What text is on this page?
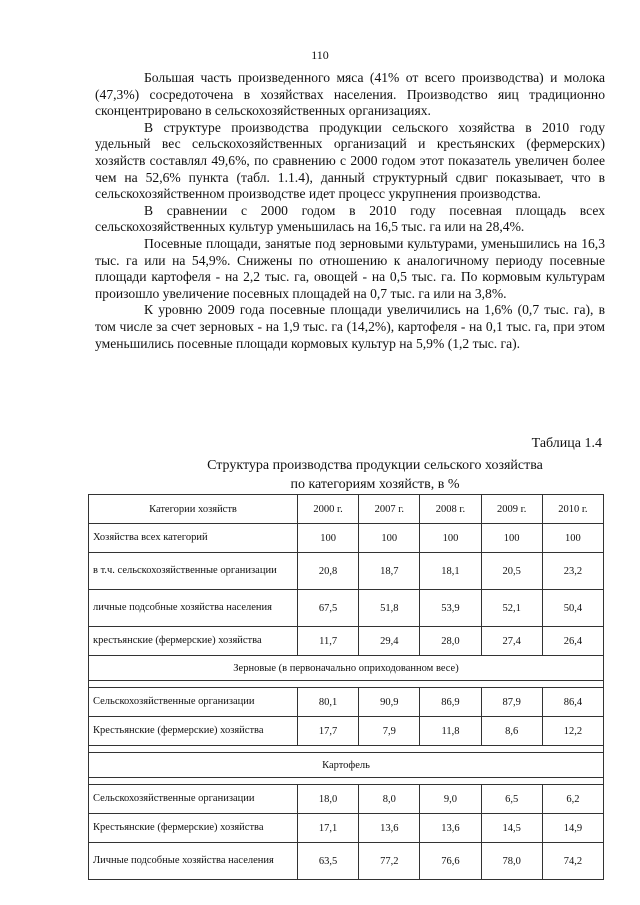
110

Большая часть произведенного мяса (41% от всего производства) и молока (47,3%) сосредоточена в хозяйствах населения. Производство яиц традиционно сконцентрировано в сельскохозяйственных организациях.

В структуре производства продукции сельского хозяйства в 2010 году удельный вес сельскохозяйственных организаций и крестьянских (фермерских) хозяйств составлял 49,6%, по сравнению с 2000 годом этот показатель увеличен более чем на 52,6% пункта (табл. 1.1.4), данный структурный сдвиг показывает, что в сельскохозяйственном производстве идет процесс укрупнения производства.

В сравнении с 2000 годом в 2010 году посевная площадь всех сельскохозяйственных культур уменьшилась на 16,5 тыс. га или на 28,4%.

Посевные площади, занятые под зерновыми культурами, уменьшились на 16,3 тыс. га или на 54,9%. Снижены по отношению к аналогичному периоду посевные площади картофеля - на 2,2 тыс. га, овощей - на 0,5 тыс. га. По кормовым культурам произошло увеличение посевных площадей на 0,7 тыс. га или на 3,8%.

К уровню 2009 года посевные площади увеличились на 1,6% (0,7 тыс. га), в том числе за счет зерновых - на 1,9 тыс. га (14,2%), картофеля - на 0,1 тыс. га, при этом уменьшились посевные площади кормовых культур на 5,9% (1,2 тыс. га).

Таблица 1.4
Структура производства продукции сельского хозяйства
по категориям хозяйств, в %
Категории хозяйств	2000 г.	2007 г.	2008 г.	2009 г.	2010 г.
Хозяйства всех категорий	100	100	100	100	100
в т.ч. сельскохозяйственные организации	20,8	18,7	18,1	20,5	23,2
личные подсобные хозяйства населения	67,5	51,8	53,9	52,1	50,4
крестьянские (фермерские) хозяйства	11,7	29,4	28,0	27,4	26,4
Зерновые (в первоначально оприходованном весе)					

Сельскохозяйственные организации	80,1	90,9	86,9	87,9	86,4
Крестьянские (фермерские) хозяйства	17,7	7,9	11,8	8,6	12,2

Картофель					

Сельскохозяйственные организации	18,0	8,0	9,0	6,5	6,2
Крестьянские (фермерские) хозяйства	17,1	13,6	13,6	14,5	14,9
Личные подсобные хозяйства населения	63,5	77,2	76,6	78,0	74,2
